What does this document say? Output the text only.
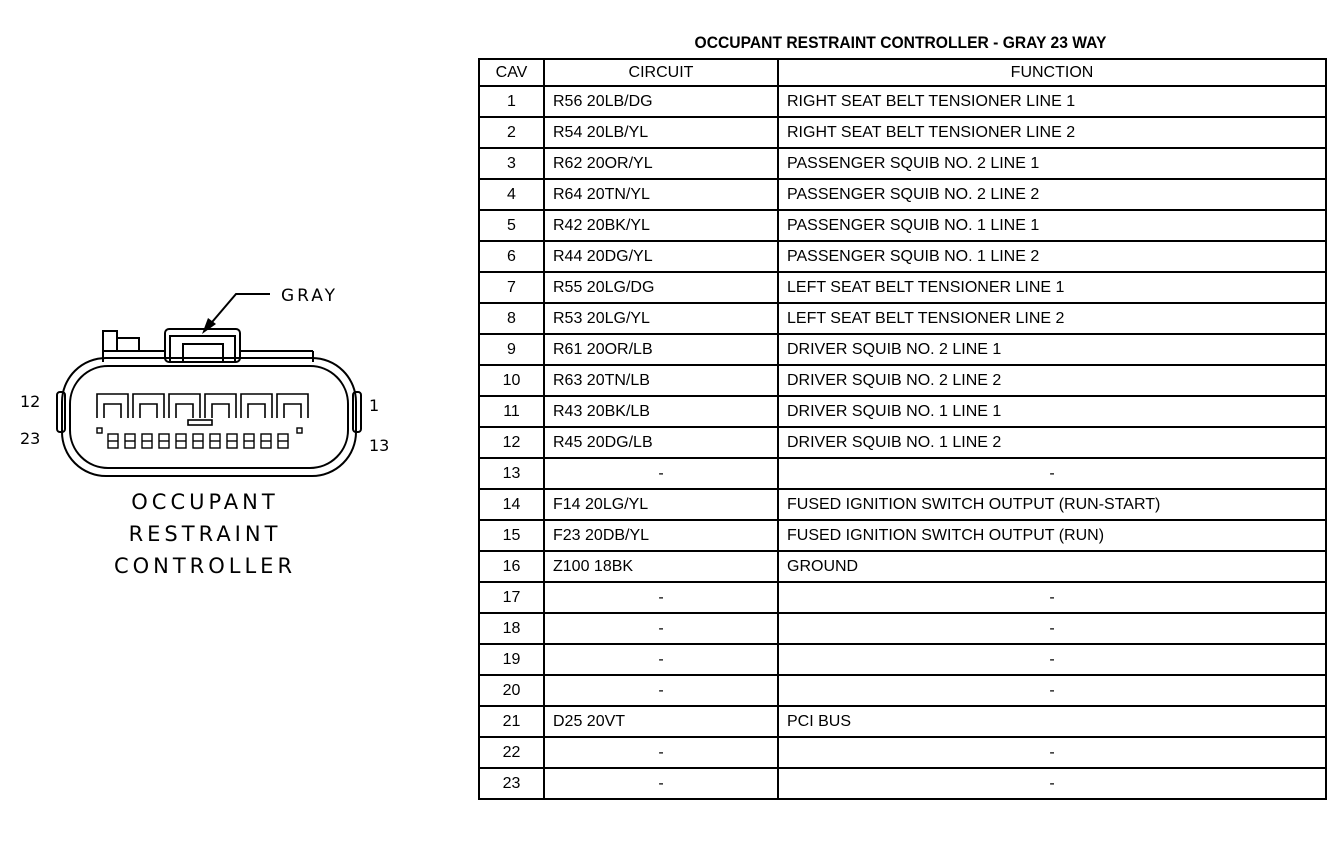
GRAY
12
23
1
13
OCCUPANT
RESTRAINT
CONTROLLER
OCCUPANT RESTRAINT CONTROLLER - GRAY 23 WAY
CAV	CIRCUIT	FUNCTION
1	R56 20LB/DG	RIGHT SEAT BELT TENSIONER LINE 1
2	R54 20LB/YL	RIGHT SEAT BELT TENSIONER LINE 2
3	R62 20OR/YL	PASSENGER SQUIB NO. 2 LINE 1
4	R64 20TN/YL	PASSENGER SQUIB NO. 2 LINE 2
5	R42 20BK/YL	PASSENGER SQUIB NO. 1 LINE 1
6	R44 20DG/YL	PASSENGER SQUIB NO. 1 LINE 2
7	R55 20LG/DG	LEFT SEAT BELT TENSIONER LINE 1
8	R53 20LG/YL	LEFT SEAT BELT TENSIONER LINE 2
9	R61 20OR/LB	DRIVER SQUIB NO. 2 LINE 1
10	R63 20TN/LB	DRIVER SQUIB NO. 2 LINE 2
11	R43 20BK/LB	DRIVER SQUIB NO. 1 LINE 1
12	R45 20DG/LB	DRIVER SQUIB NO. 1 LINE 2
13	-	-
14	F14 20LG/YL	FUSED IGNITION SWITCH OUTPUT (RUN-START)
15	F23 20DB/YL	FUSED IGNITION SWITCH OUTPUT (RUN)
16	Z100 18BK	GROUND
17	-	-
18	-	-
19	-	-
20	-	-
21	D25 20VT	PCI BUS
22	-	-
23	-	-
